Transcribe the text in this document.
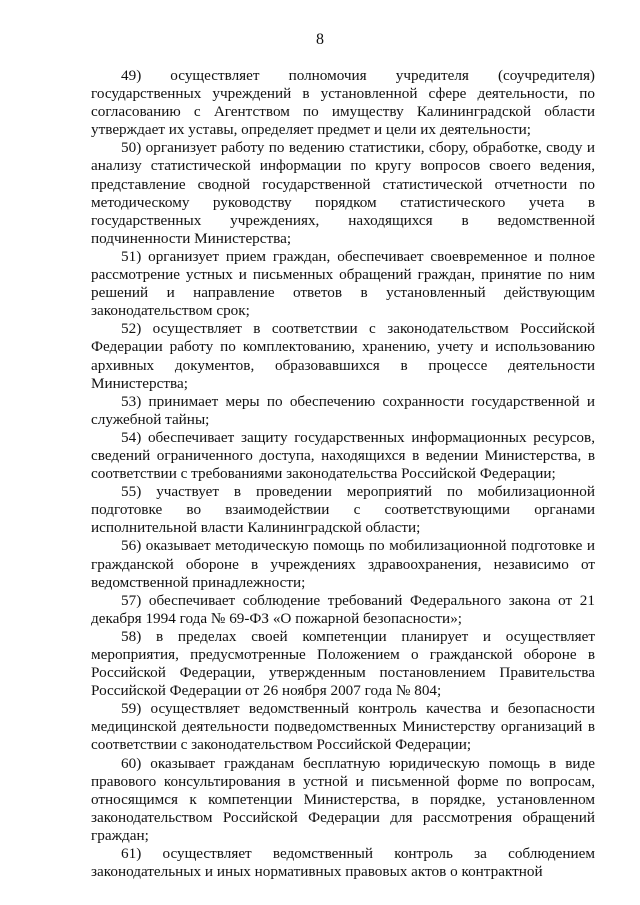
8

49) осуществляет полномочия учредителя (соучредителя) государственных учреждений в установленной сфере деятельности, по согласованию с Агентством по имуществу Калининградской области утверждает их уставы, определяет предмет и цели их деятельности;

50) организует работу по ведению статистики, сбору, обработке, своду и анализу статистической информации по кругу вопросов своего ведения, представление сводной государственной статистической отчетности по методическому руководству порядком статистического учета в государственных учреждениях, находящихся в ведомственной подчиненности Министерства;

51) организует прием граждан, обеспечивает своевременное и полное рассмотрение устных и письменных обращений граждан, принятие по ним решений и направление ответов в установленный действующим законодательством срок;

52) осуществляет в соответствии с законодательством Российской Федерации работу по комплектованию, хранению, учету и использованию архивных документов, образовавшихся в процессе деятельности Министерства;

53) принимает меры по обеспечению сохранности государственной и служебной тайны;

54) обеспечивает защиту государственных информационных ресурсов, сведений ограниченного доступа, находящихся в ведении Министерства, в соответствии с требованиями законодательства Российской Федерации;

55) участвует в проведении мероприятий по мобилизационной подготовке во взаимодействии с соответствующими органами исполнительной власти Калининградской области;

56) оказывает методическую помощь по мобилизационной подготовке и гражданской обороне в учреждениях здравоохранения, независимо от ведомственной принадлежности;

57) обеспечивает соблюдение требований Федерального закона от 21 декабря 1994 года № 69-ФЗ «О пожарной безопасности»;

58) в пределах своей компетенции планирует и осуществляет мероприятия, предусмотренные Положением о гражданской обороне в Российской Федерации, утвержденным постановлением Правительства Российской Федерации от 26 ноября 2007 года № 804;

59) осуществляет ведомственный контроль качества и безопасности медицинской деятельности подведомственных Министерству организаций в соответствии с законодательством Российской Федерации;

60) оказывает гражданам бесплатную юридическую помощь в виде правового консультирования в устной и письменной форме по вопросам, относящимся к компетенции Министерства, в порядке, установленном законодательством Российской Федерации для рассмотрения обращений граждан;

61) осуществляет ведомственный контроль за соблюдением законодательных и иных нормативных правовых актов о контрактной
